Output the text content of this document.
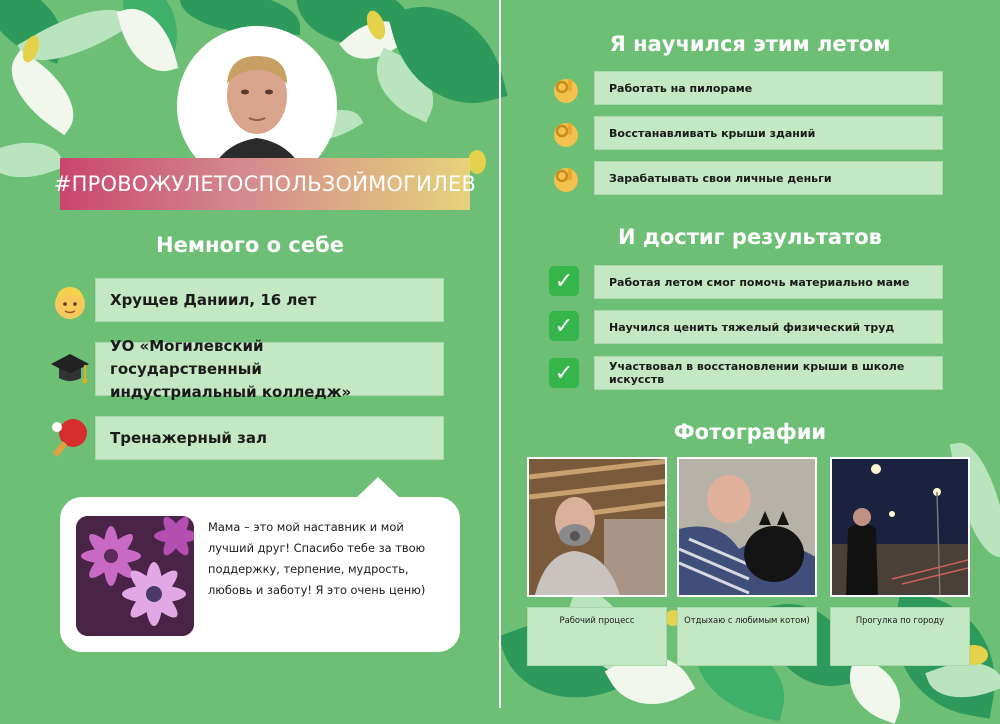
#ПРОВОЖУЛЕТОСПОЛЬЗОЙМОГИЛЕВ
Немного о себе
Хрущев Даниил, 16 лет
УО «Могилевский государственный индустриальный колледж»
Тренажерный зал
Мама – это мой наставник и мой лучший друг! Спасибо тебе за твою поддержку, терпение, мудрость, любовь и заботу! Я это очень ценю)
Я научился этим летом
Работать на пилораме
Восстанавливать крыши зданий
Зарабатывать свои личные деньги
И достиг результатов
✓	Работая летом смог помочь материально маме
✓	Научился ценить тяжелый физический труд
✓	Участвовал в восстановлении крыши в школе искусств
Фотографии
Рабочий процесс	Отдыхаю с любимым котом)	Прогулка по городу
